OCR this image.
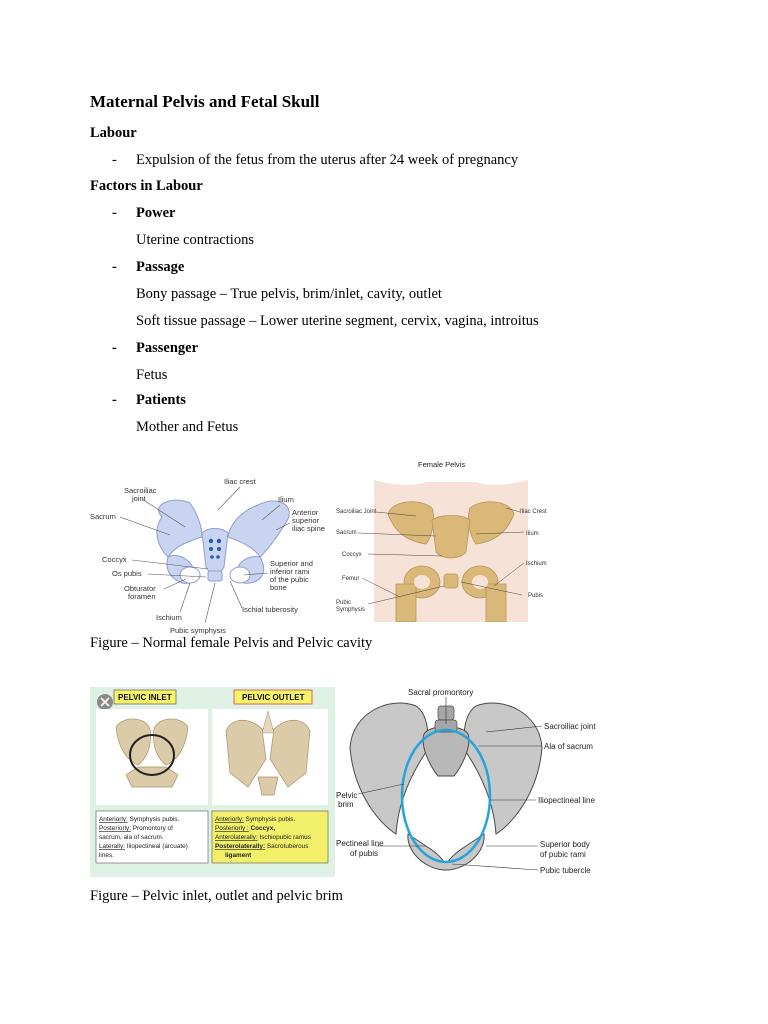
Maternal Pelvis and Fetal Skull
Labour
- Expulsion of the fetus from the uterus after 24 week of pregnancy
Factors in Labour
- Power
Uterine contractions
- Passage
Bony passage – True pelvis, brim/inlet, cavity, outlet
Soft tissue passage – Lower uterine segment, cervix, vagina, introitus
- Passenger
Fetus
- Patients
Mother and Fetus
Iliac crest
Sacroiliac
joint	Ilium
Sacrum	Anterior
superior
iliac spine
Coccyx
Os pubis
Obturator
foramen
Superior and
inferior rami
of the pubic
bone
Ischium
Ischial tuberosity
Pubic symphysis
Female Pelvis
Sacroiliac Joint	Iliac Crest
Sacrum	Ilium
Coccyx
Ischium
Femur
Pubis
Pubic
Symphysis
Figure – Normal female Pelvis and Pelvic cavity
PELVIC INLET	PELVIC OUTLET
Anteriorly: Symphysis pubis.
Posteriorly: Promontory of
sacrum, ala of sacrum.
Laterally: Iliopectineal (arcuate)
lines.
Anteriorly: Symphysis pubis.
Posteriorly : Coccyx,
Anterolaterally: Ischiopubic ramus
Posterolaterally: Sacrotuberous
ligament
Sacral promontory
Sacroiliac joint
Ala of sacrum
Pelvic
brim	Iliopectineal line
Pectineal line
of pubis
Superior body
of pubic rami
Pubic tubercle
Figure – Pelvic inlet, outlet and pelvic brim
